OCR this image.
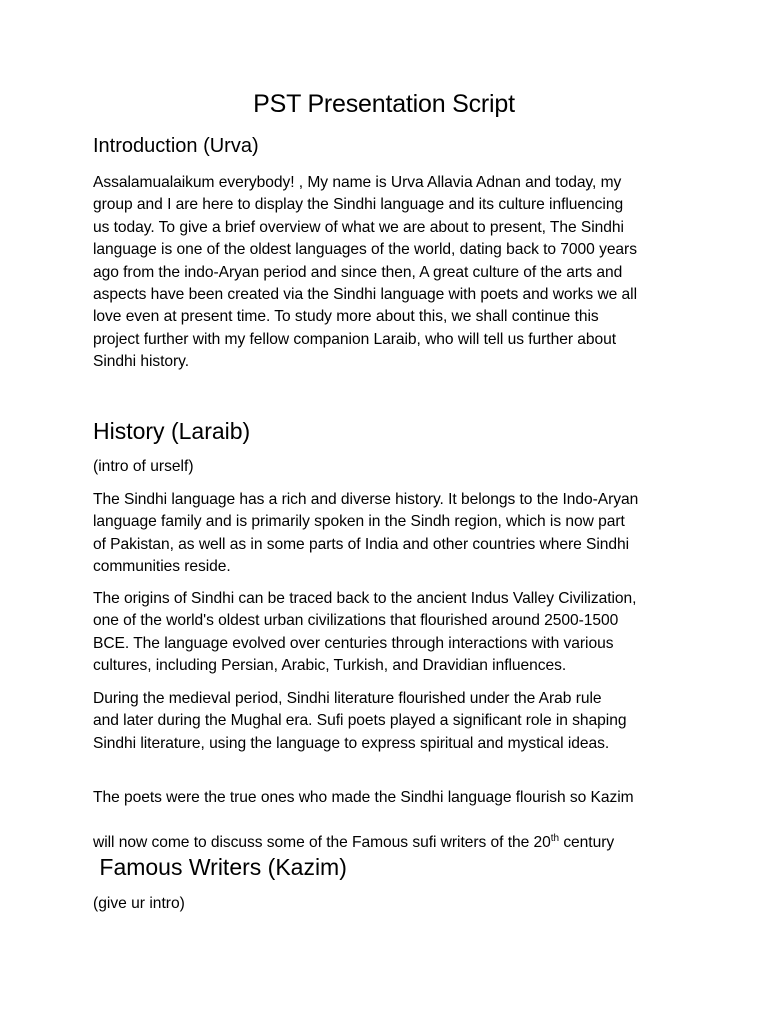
PST Presentation Script
Introduction (Urva)
Assalamualaikum everybody! , My name is Urva Allavia Adnan and today, my
group and I are here to display the Sindhi language and its culture influencing
us today. To give a brief overview of what we are about to present, The Sindhi
language is one of the oldest languages of the world, dating back to 7000 years
ago from the indo-Aryan period and since then, A great culture of the arts and
aspects have been created via the Sindhi language with poets and works we all
love even at present time. To study more about this, we shall continue this
project further with my fellow companion Laraib, who will tell us further about
Sindhi history.
History (Laraib)
(intro of urself)
The Sindhi language has a rich and diverse history. It belongs to the Indo-Aryan
language family and is primarily spoken in the Sindh region, which is now part
of Pakistan, as well as in some parts of India and other countries where Sindhi
communities reside.
The origins of Sindhi can be traced back to the ancient Indus Valley Civilization,
one of the world's oldest urban civilizations that flourished around 2500-1500
BCE. The language evolved over centuries through interactions with various
cultures, including Persian, Arabic, Turkish, and Dravidian influences.
During the medieval period, Sindhi literature flourished under the Arab rule
and later during the Mughal era. Sufi poets played a significant role in shaping
Sindhi literature, using the language to express spiritual and mystical ideas.

The poets were the true ones who made the Sindhi language flourish so Kazim

will now come to discuss some of the Famous sufi writers of the 20th century

Famous Writers (Kazim)
(give ur intro)
